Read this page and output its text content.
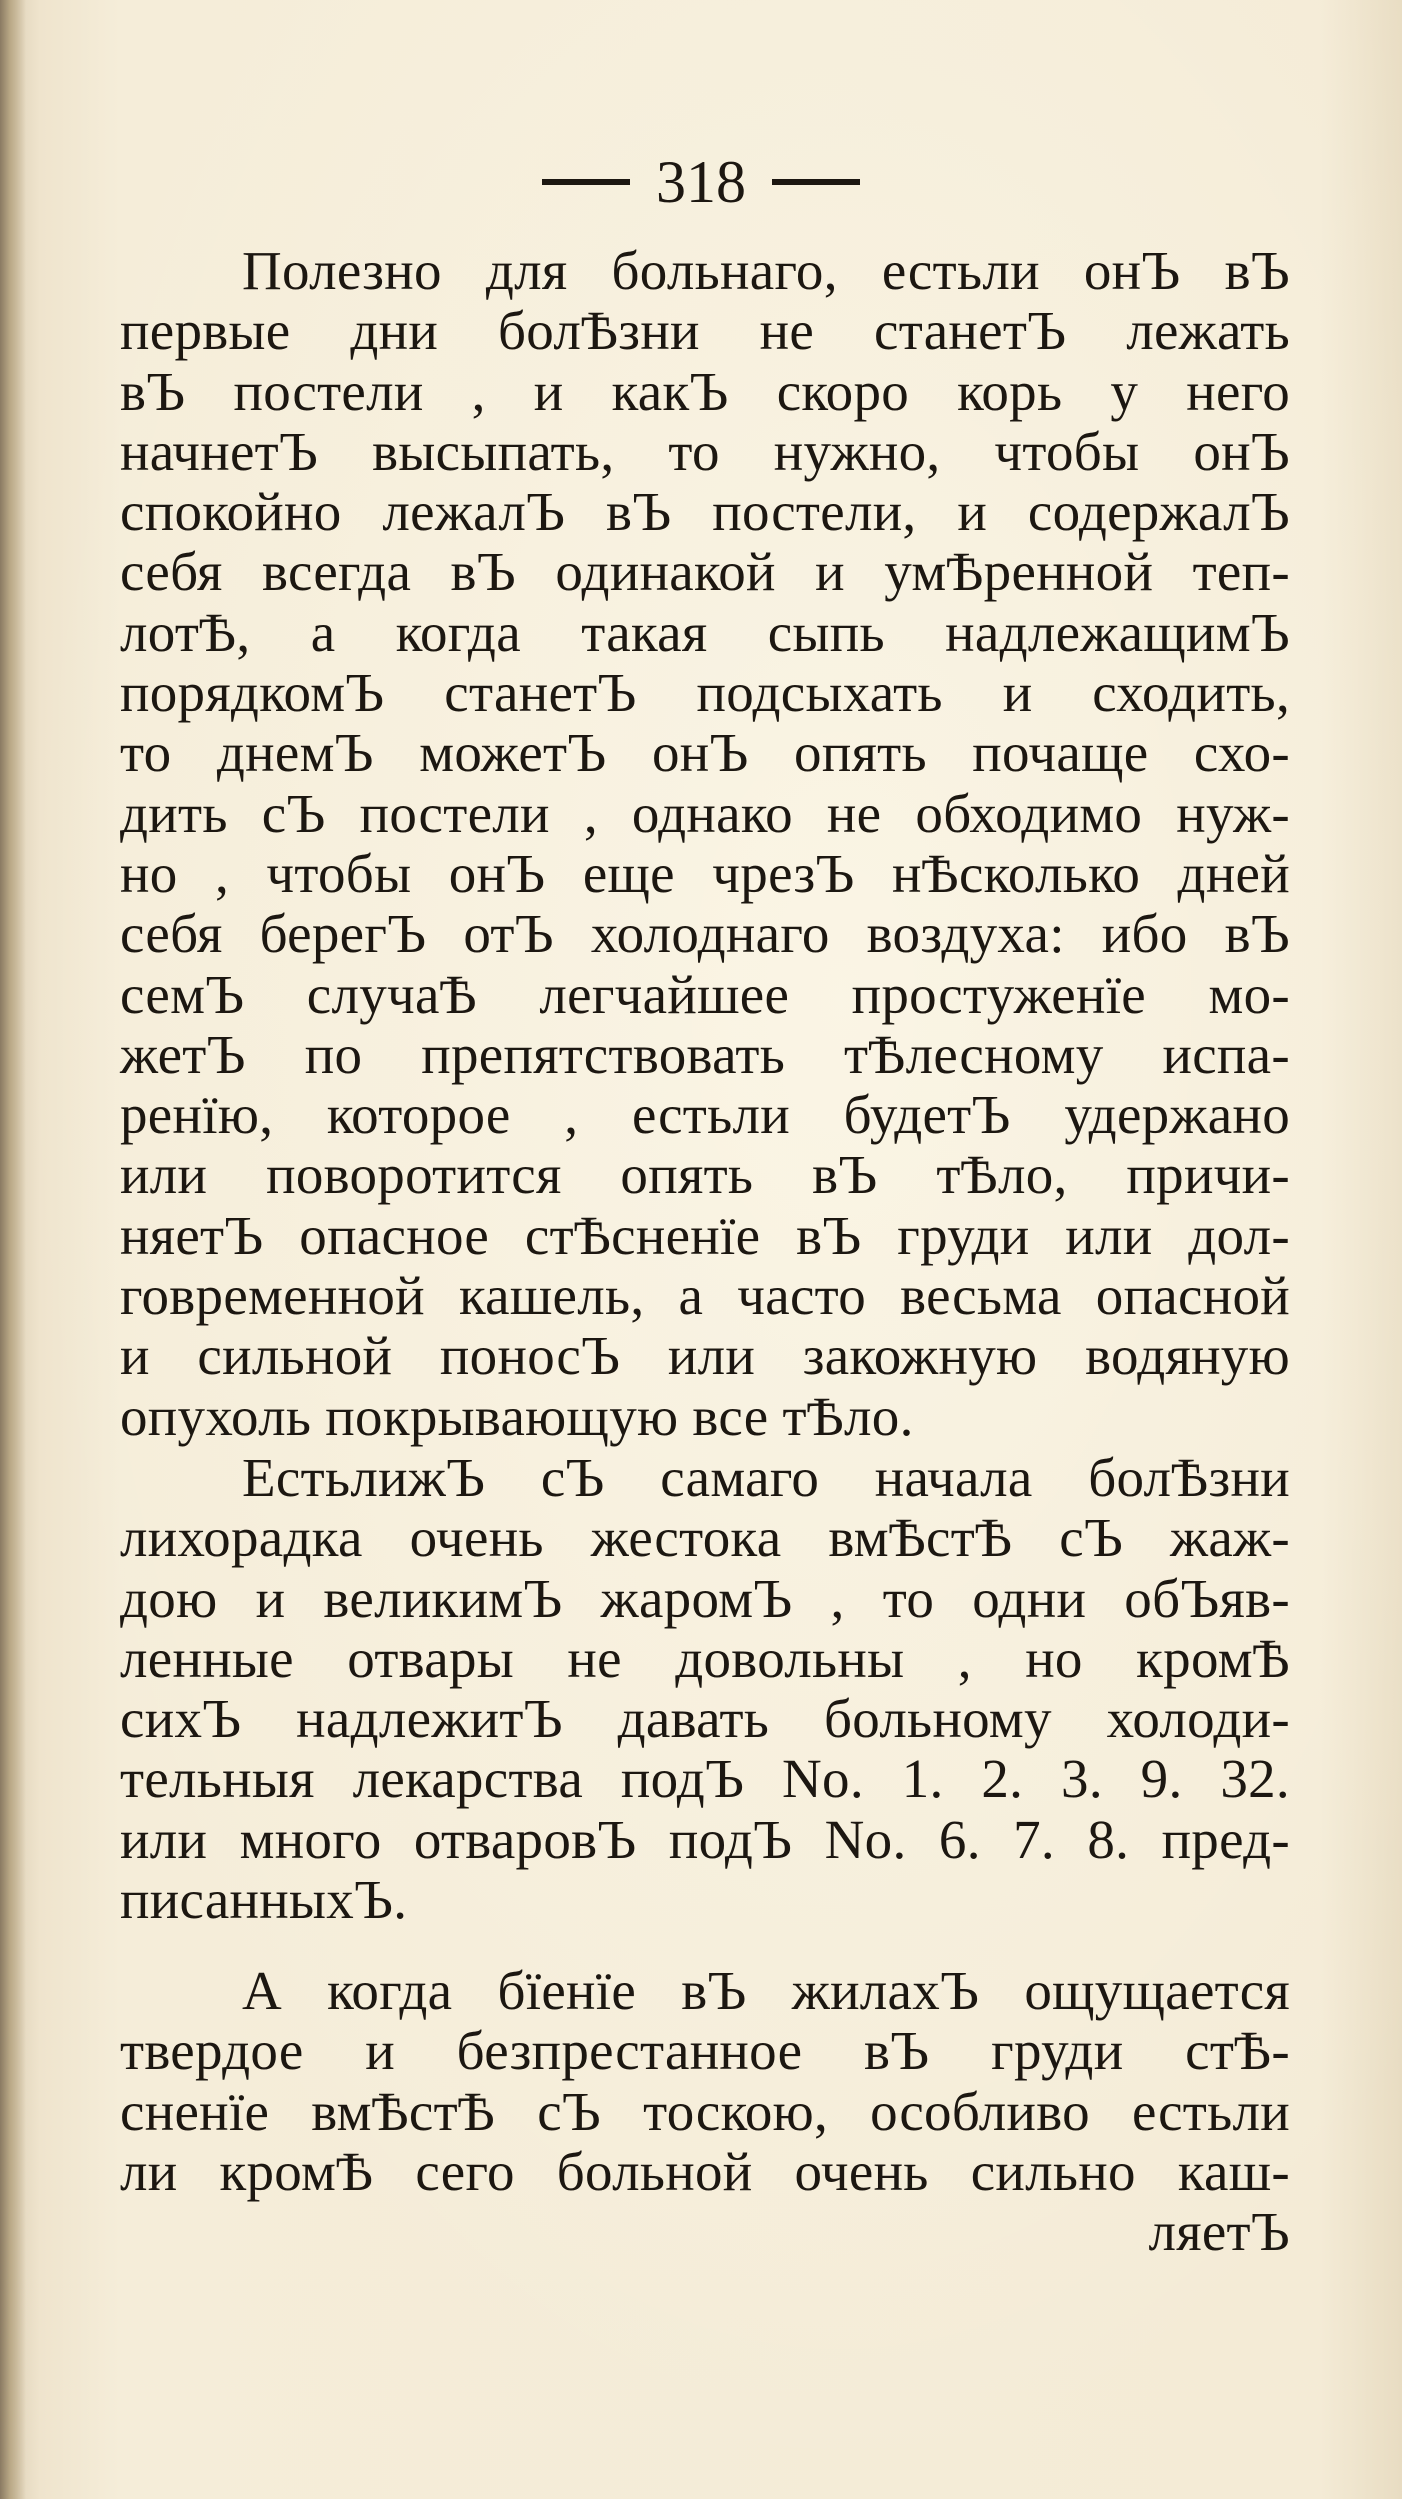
318
Полезно для больнаго, естьли онЪ вЪ
первые дни болѢзни не станетЪ лежать
вЪ постели , и какЪ скоро корь у него
начнетЪ высыпать, то нужно, чтобы онЪ
спокойно лежалЪ вЪ постели, и содержалЪ
себя всегда вЪ одинакой и умѢренной теп-
лотѢ, а когда такая сыпь надлежащимЪ
порядкомЪ станетЪ подсыхать и сходить,
то днемЪ можетЪ онЪ опять почаще схо-
дить сЪ постели , однако не обходимо нуж-
но , чтобы онЪ еще чрезЪ нѢсколько дней
себя берегЪ отЪ холоднаго воздуха: ибо вЪ
семЪ случаѢ легчайшее простуженїе мо-
жетЪ по препятствовать тѢлесному испа-
ренїю, которое , естьли будетЪ удержано
или поворотится опять вЪ тѢло, причи-
няетЪ опасное стѢсненїе вЪ груди или дол-
говременной кашель, а часто весьма опасной
и сильной поносЪ или закожную водяную
опухоль покрывающую все тѢло.
ЕстьлижЪ сЪ самаго начала болѢзни
лихорадка очень жестока вмѢстѢ сЪ жаж-
дою и великимЪ жаромЪ , то одни обЪяв-
ленные отвары не довольны , но кромѢ
сихЪ надлежитЪ давать больному холоди-
тельныя лекарства подЪ No. 1. 2. 3. 9. 32.
или много отваровЪ подЪ No. 6. 7. 8. пред-
писанныхЪ.
А когда бїенїе вЪ жилахЪ ощущается
твердое и безпрестанное вЪ груди стѢ-
сненїе вмѢстѢ сЪ тоскою, особливо естьли
ли кромѢ сего больной очень сильно каш-
ляетЪ
